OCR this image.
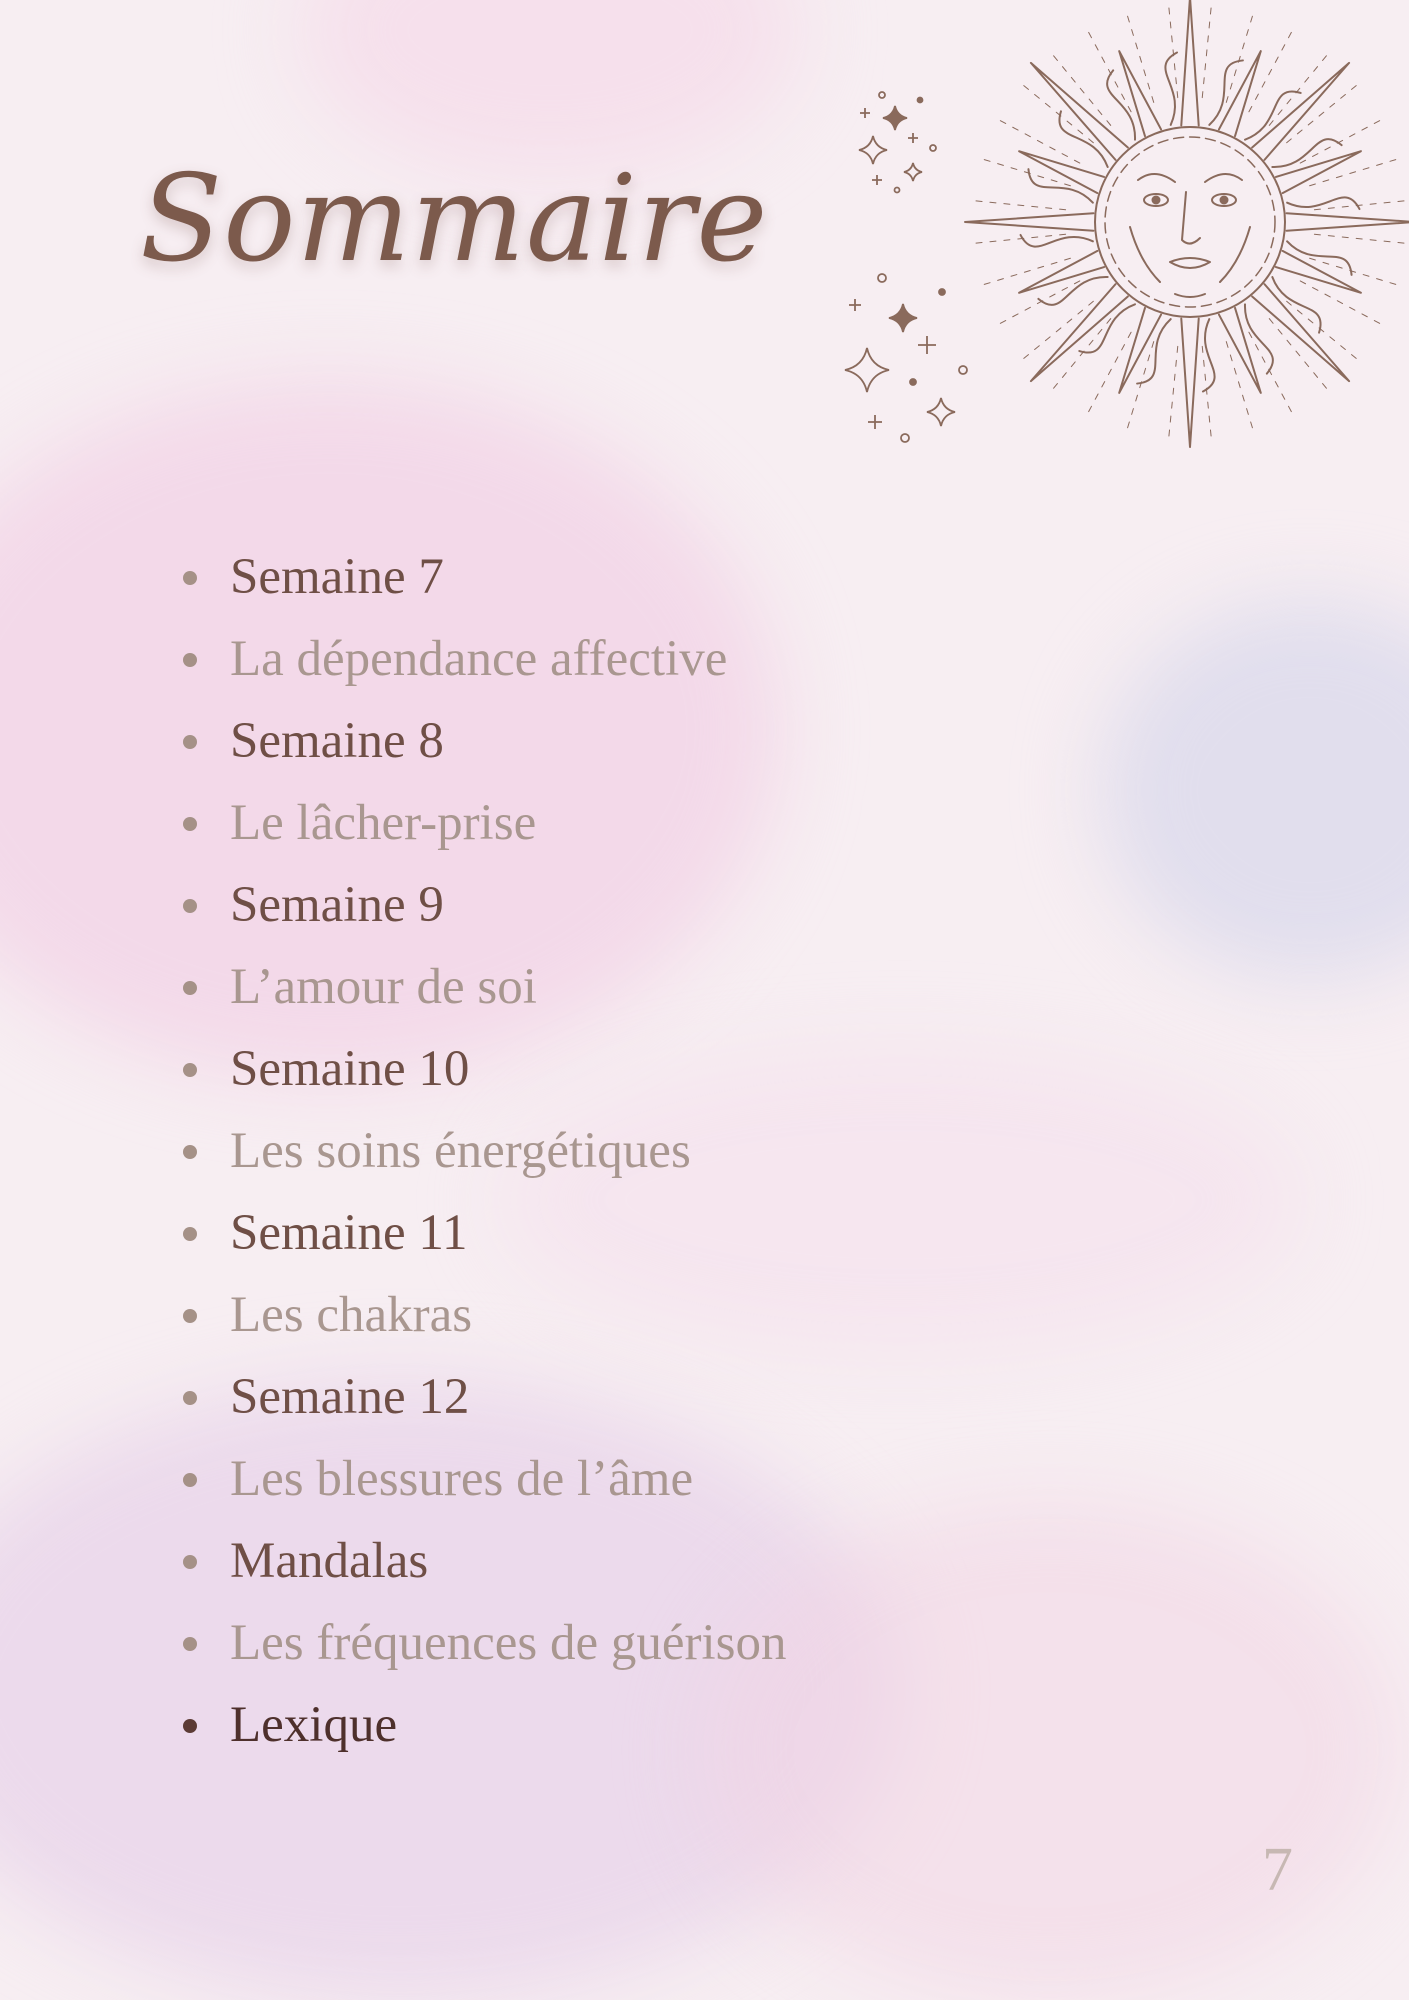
Sommaire
Semaine 7
La dépendance affective
Semaine 8
Le lâcher-prise
Semaine 9
L’amour de soi
Semaine 10
Les soins énergétiques
Semaine 11
Les chakras
Semaine 12
Les blessures de l’âme
Mandalas
Les fréquences de guérison
Lexique
7
